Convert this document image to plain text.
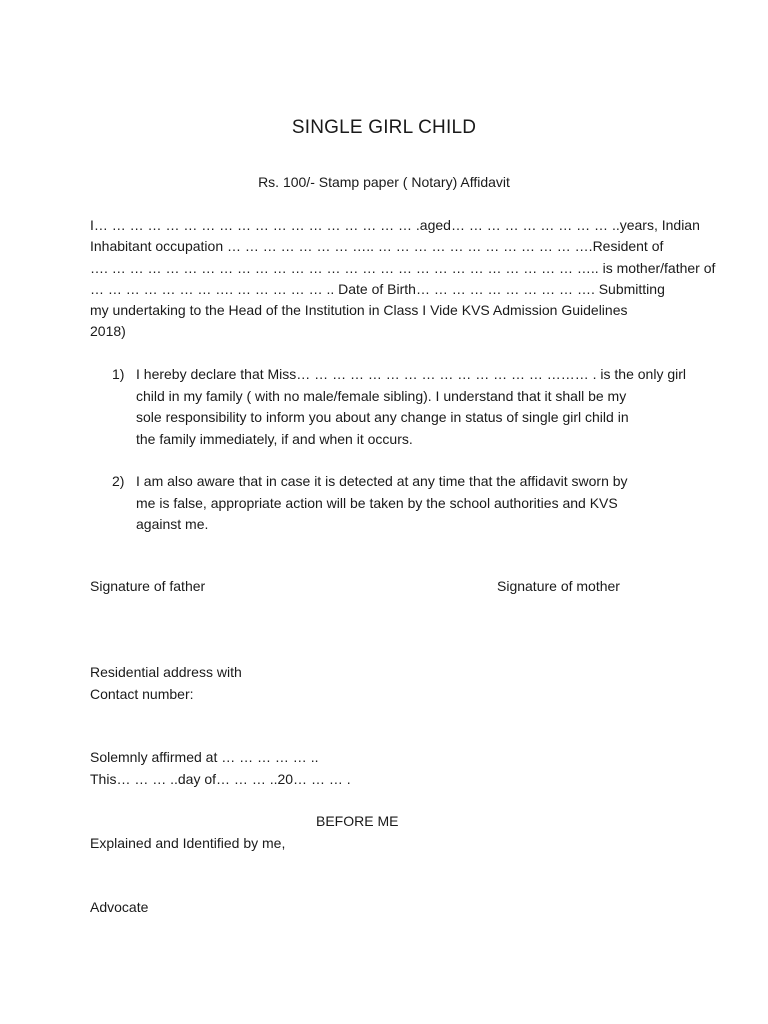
SINGLE GIRL CHILD
Rs. 100/- Stamp paper ( Notary) Affidavit
I… … … … … … … … … … … … … … … … … … .aged… … … … … … … … … ..years, Indian
Inhabitant occupation … … … … … … … ….. … … … … … … … … … … … ….Resident of
…. … … … … … … … … … … … … … … … … … … … … … … … … … … ….. is mother/father of
… … … … … … … …. … … … … … .. Date of Birth… … … … … … … … … …. Submitting
my undertaking to the Head of the Institution in Class I Vide KVS Admission Guidelines
2018)
1) I hereby declare that Miss… … … … … … … … … … … … … … ……… . is the only girl
child in my family ( with no male/female sibling). I understand that it shall be my
sole responsibility to inform you about any change in status of single girl child in
the family immediately, if and when it occurs.
2) I am also aware that in case it is detected at any time that the affidavit sworn by
me is false, appropriate action will be taken by the school authorities and KVS
against me.
Signature of father	Signature of mother
Residential address with
Contact number:
Solemnly affirmed at … … … … … ..
This… … … ..day of… … … ..20… … … .
BEFORE ME
Explained and Identified by me,
Advocate
